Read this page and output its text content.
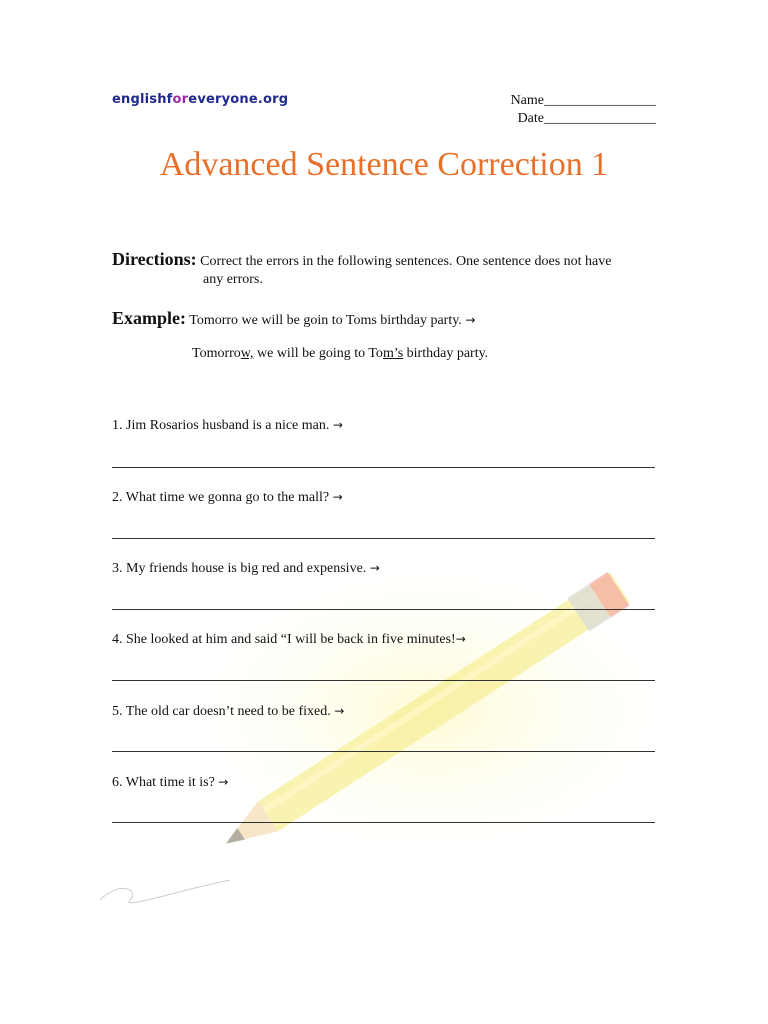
englishforeveryone.org	Name________________
Date________________
Advanced Sentence Correction 1
Directions: Correct the errors in the following sentences. One sentence does not have
any errors.
Example: Tomorro we will be goin to Toms birthday party. →
Tomorrow, we will be going to Tom’s birthday party.
1. Jim Rosarios husband is a nice man. →
2. What time we gonna go to the mall? →
3. My friends house is big red and expensive. →
4. She looked at him and said “I will be back in five minutes!→
5. The old car doesn’t need to be fixed. →
6. What time it is? →
